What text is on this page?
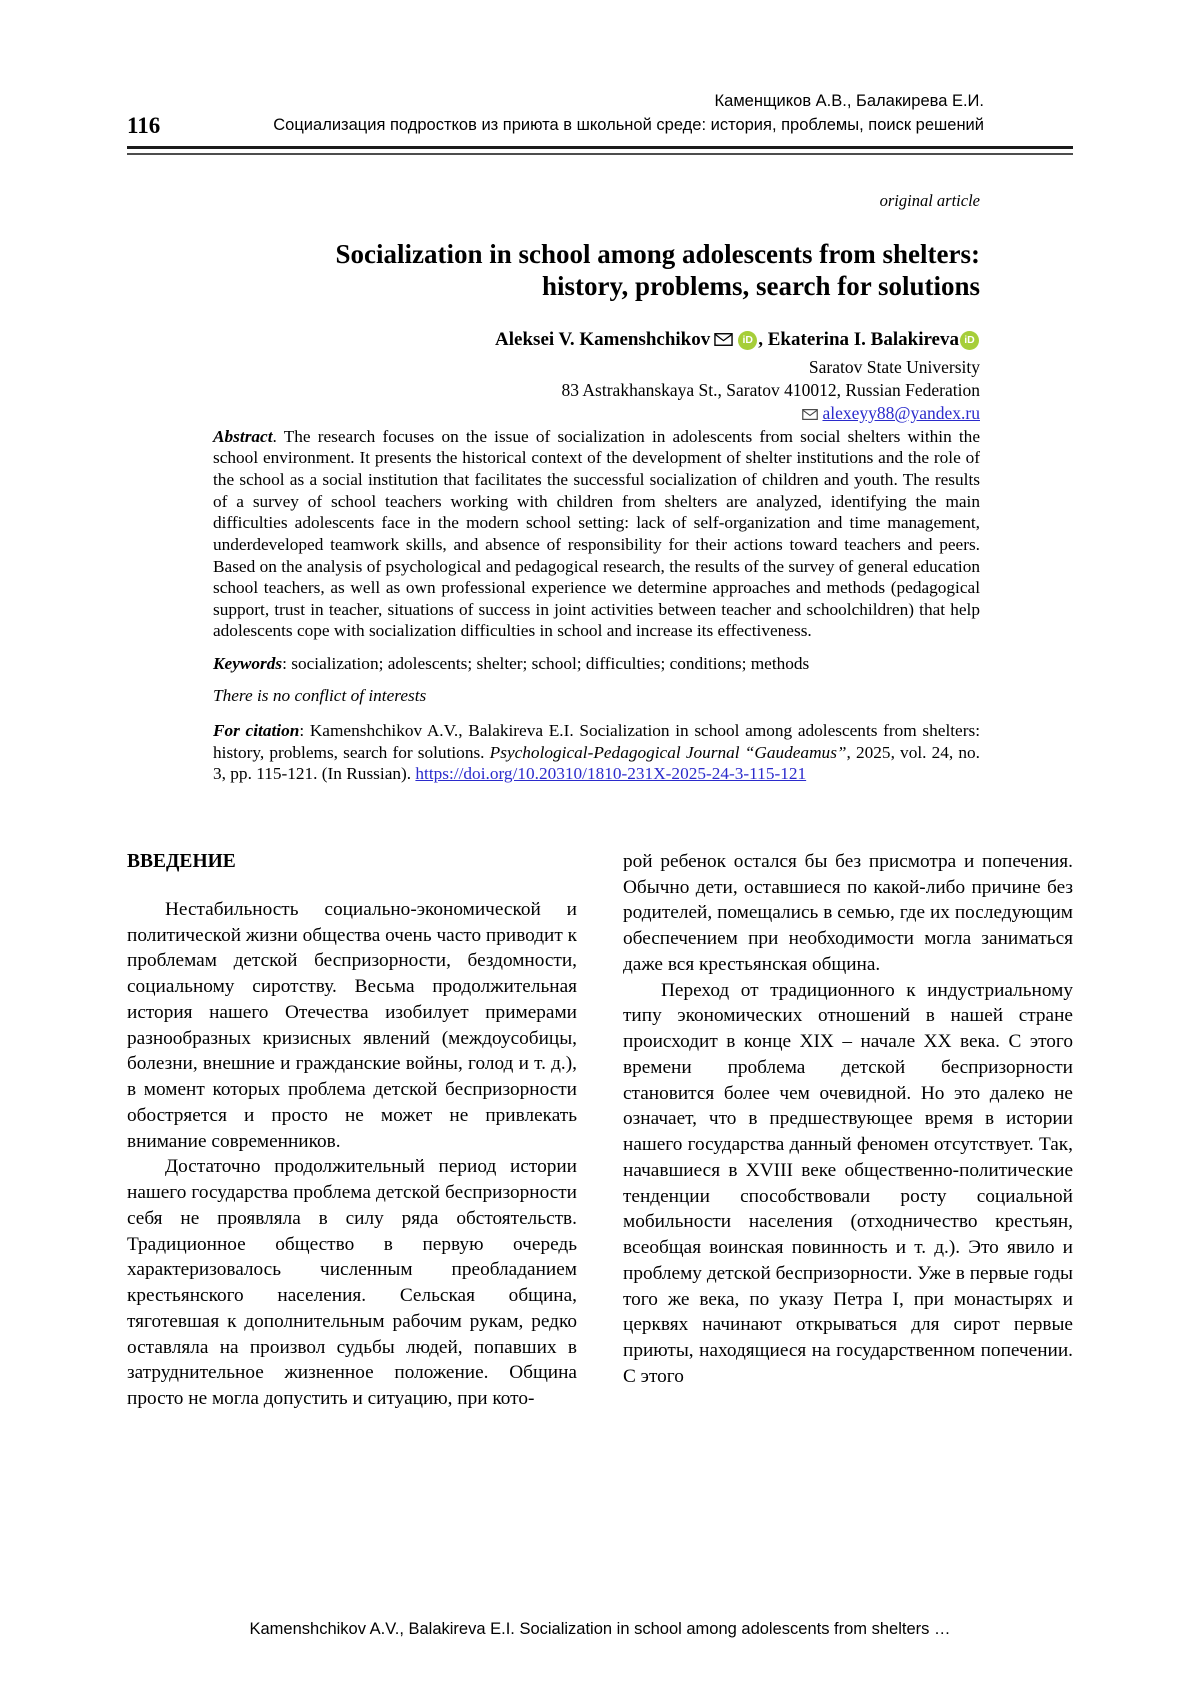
116
Каменщиков А.В., Балакирева Е.И.
Социализация подростков из приюта в школьной среде: история, проблемы, поиск решений
original article
Socialization in school among adolescents from shelters:
history, problems, search for solutions
Aleksei V. Kamenshchikov	iD , Ekaterina I. Balakireva iD
Saratov State University
83 Astrakhanskaya St., Saratov 410012, Russian Federation
alexeyy88@yandex.ru

Abstract. The research focuses on the issue of socialization in adolescents from social shelters within the school environment. It presents the historical context of the development of shelter institutions and the role of the school as a social institution that facilitates the successful socialization of children and youth. The results of a survey of school teachers working with children from shelters are analyzed, identifying the main difficulties adolescents face in the modern school setting: lack of self-organization and time management, underdeveloped teamwork skills, and absence of responsibility for their actions toward teachers and peers. Based on the analysis of psychological and pedagogical research, the results of the survey of general education school teachers, as well as own professional experience we determine approaches and methods (pedagogical support, trust in teacher, situations of success in joint activities between teacher and schoolchildren) that help adolescents cope with socialization difficulties in school and increase its effectiveness.

Keywords: socialization; adolescents; shelter; school; difficulties; conditions; methods

There is no conflict of interests

For citation: Kamenshchikov A.V., Balakireva E.I. Socialization in school among adolescents from shelters: history, problems, search for solutions. Psychological-Pedagogical Journal “Gaudeamus”, 2025, vol. 24, no. 3, pp. 115-121. (In Russian). https://doi.org/10.20310/1810-231X-2025-24-3-115-121

ВВЕДЕНИЕ

Нестабильность социально-экономической и политической жизни общества очень часто приводит к проблемам детской беспризорности, бездомности, социальному сиротству. Весьма продолжительная история нашего Отечества изобилует примерами разнообразных кризисных явлений (междоусобицы, болезни, внешние и гражданские войны, голод и т. д.), в момент которых проблема детской беспризорности обостряется и просто не может не привлекать внимание современников.

Достаточно продолжительный период истории нашего государства проблема детской беспризорности себя не проявляла в силу ряда обстоятельств. Традиционное общество в первую очередь характеризовалось численным преобладанием крестьянского населения. Сельская община, тяготевшая к дополнительным рабочим рукам, редко оставляла на произвол судьбы людей, попавших в затруднительное жизненное положение. Община просто не могла допустить и ситуацию, при кото-

рой ребенок остался бы без присмотра и попечения. Обычно дети, оставшиеся по какой-либо причине без родителей, помещались в семью, где их последующим обеспечением при необходимости могла заниматься даже вся крестьянская община.

Переход от традиционного к индустриальному типу экономических отношений в нашей стране происходит в конце XIX – начале XX века. С этого времени проблема детской беспризорности становится более чем очевидной. Но это далеко не означает, что в предшествующее время в истории нашего государства данный феномен отсутствует. Так, начавшиеся в XVIII веке общественно-политические тенденции способствовали росту социальной мобильности населения (отходничество крестьян, всеобщая воинская повинность и т. д.). Это явило и проблему детской беспризорности. Уже в первые годы того же века, по указу Петра I, при монастырях и церквях начинают открываться для сирот первые приюты, находящиеся на государственном попечении. С этого

Kamenshchikov A.V., Balakireva E.I. Socialization in school among adolescents from shelters …
